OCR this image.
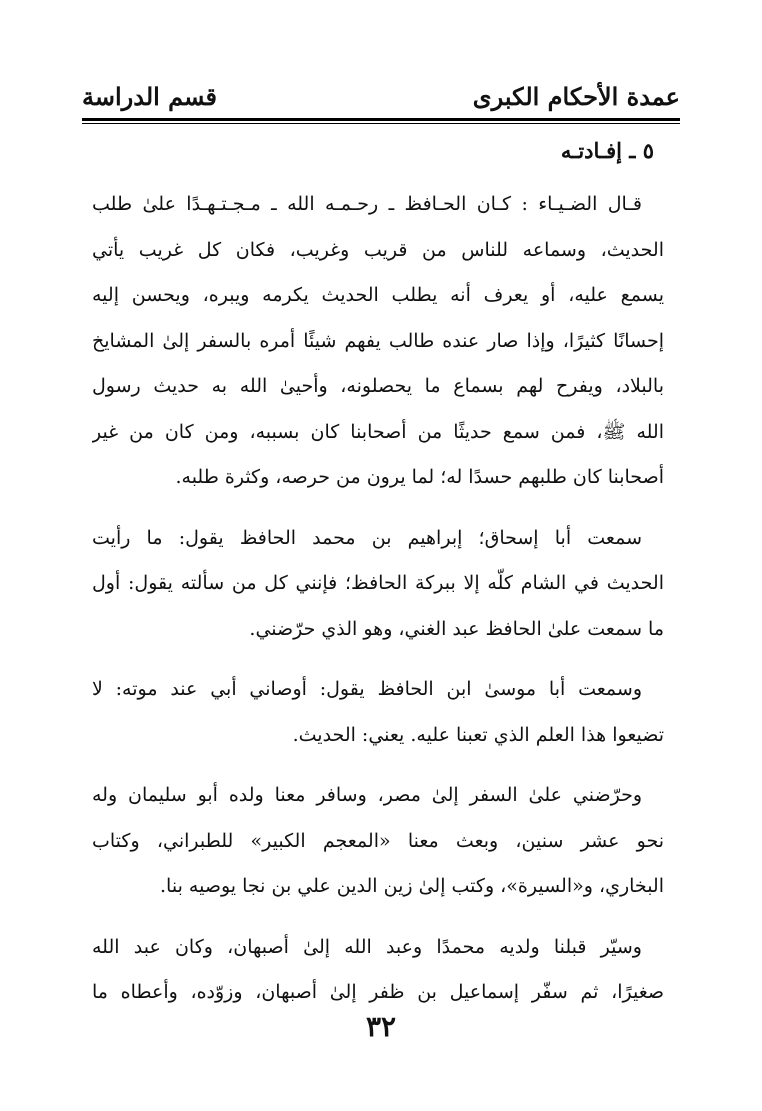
عمدة الأحكام الكبرى
قسم الدراسة
٥ ـ إفـادتـه
قـال الضـيـاء : كـان الحـافظ ـ رحـمـه الله ـ مـجـتـهـدًا علىٰ طلب
الحديث، وسماعه للناس من قريب وغريب، فكان كل غريب يأتي
يسمع عليه، أو يعرف أنه يطلب الحديث يكرمه ويبره، ويحسن إليه
إحسانًا كثيرًا، وإذا صار عنده طالب يفهم شيئًا أمره بالسفر إلىٰ المشايخ
بالبلاد، ويفرح لهم بسماع ما يحصلونه، وأحيىٰ الله به حديث رسول
الله ﷺ، فمن سمع حديثًا من أصحابنا كان بسببه، ومن كان من غير
أصحابنا كان طلبهم حسدًا له؛ لما يرون من حرصه، وكثرة طلبه.
سمعت أبا إسحاق؛ إبراهيم بن محمد الحافظ يقول: ما رأيت
الحديث في الشام كلّه إلا ببركة الحافظ؛ فإنني كل من سألته يقول: أول
ما سمعت علىٰ الحافظ عبد الغني، وهو الذي حرّضني.
وسمعت أبا موسىٰ ابن الحافظ يقول: أوصاني أبي عند موته: لا
تضيعوا هذا العلم الذي تعبنا عليه. يعني: الحديث.
وحرّضني علىٰ السفر إلىٰ مصر، وسافر معنا ولده أبو سليمان وله
نحو عشر سنين، وبعث معنا «المعجم الكبير» للطبراني، وكتاب
البخاري، و«السيرة»، وكتب إلىٰ زين الدين علي بن نجا يوصيه بنا.
وسيّر قبلنا ولديه محمدًا وعبد الله إلىٰ أصبهان، وكان عبد الله
صغيرًا، ثم سفّر إسماعيل بن ظفر إلىٰ أصبهان، وزوّده، وأعطاه ما
٣٢
